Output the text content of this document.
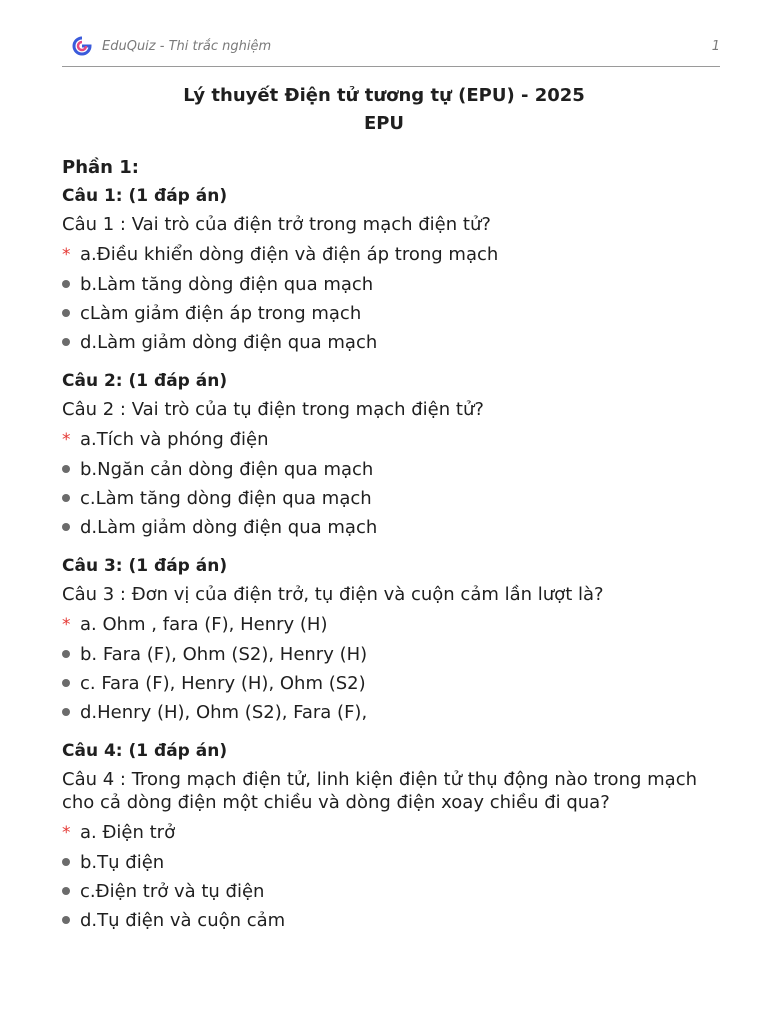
EduQuiz - Thi trắc nghiệm	1
Lý thuyết Điện tử tương tự (EPU) - 2025
EPU
Phần 1:
Câu 1: (1 đáp án)
Câu 1 : Vai trò của điện trở trong mạch điện tử?
* a.Điều khiển dòng điện và điện áp trong mạch
b.Làm tăng dòng điện qua mạch
cLàm giảm điện áp trong mạch
d.Làm giảm dòng điện qua mạch
Câu 2: (1 đáp án)
Câu 2 : Vai trò của tụ điện trong mạch điện tử?
* a.Tích và phóng điện
b.Ngăn cản dòng điện qua mạch
c.Làm tăng dòng điện qua mạch
d.Làm giảm dòng điện qua mạch
Câu 3: (1 đáp án)
Câu 3 : Đơn vị của điện trở, tụ điện và cuộn cảm lần lượt là?
* a. Ohm , fara (F), Henry (H)
b. Fara (F), Ohm (S2), Henry (H)
c. Fara (F), Henry (H), Ohm (S2)
d.Henry (H), Ohm (S2), Fara (F),
Câu 4: (1 đáp án)
Câu 4 : Trong mạch điện tử, linh kiện điện tử thụ động nào trong mạch cho cả dòng điện một chiều và dòng điện xoay chiều đi qua?
* a. Điện trở
b.Tụ điện
c.Điện trở và tụ điện
d.Tụ điện và cuộn cảm
